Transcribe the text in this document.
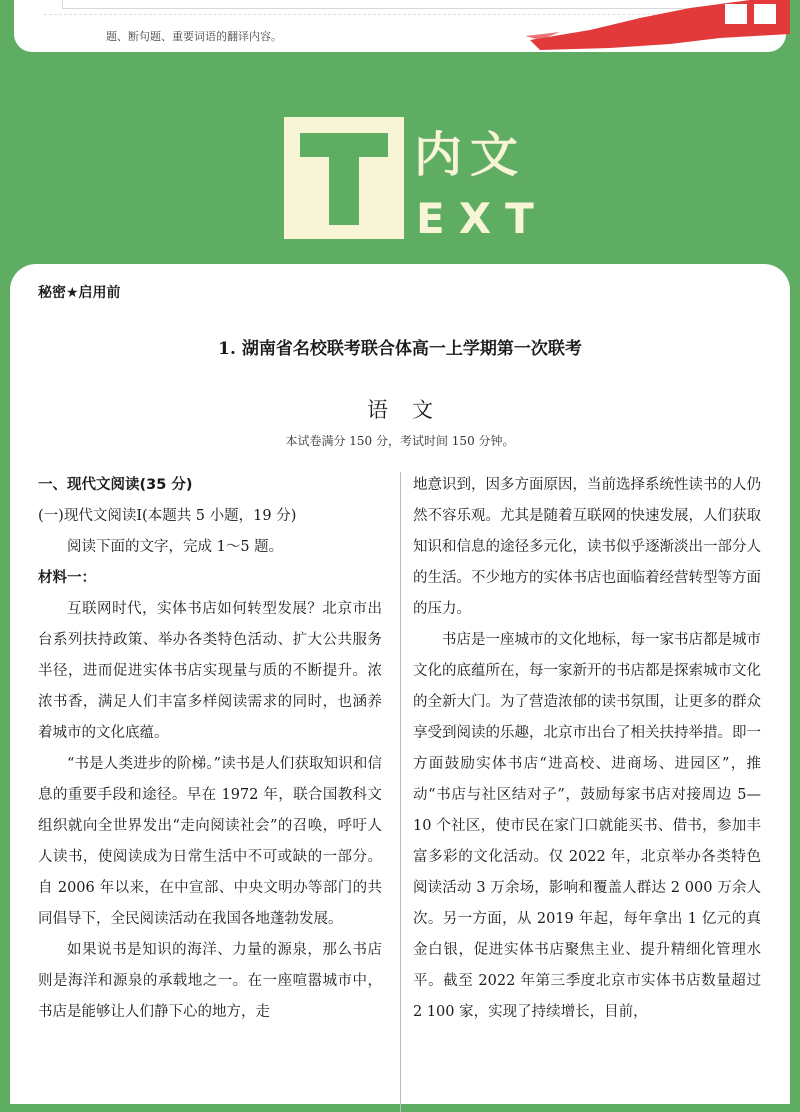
题、断句题、重要词语的翻译内容。
内文
EXT
秘密★启用前
1. 湖南省名校联考联合体高一上学期第一次联考
语文
本试卷满分 150 分，考试时间 150 分钟。

一、现代文阅读(35 分)

(一)现代文阅读Ⅰ(本题共 5 小题，19 分)

阅读下面的文字，完成 1～5 题。

材料一：

互联网时代，实体书店如何转型发展？北京市出台系列扶持政策、举办各类特色活动、扩大公共服务半径，进而促进实体书店实现量与质的不断提升。浓浓书香，满足人们丰富多样阅读需求的同时，也涵养着城市的文化底蕴。

“书是人类进步的阶梯。”读书是人们获取知识和信息的重要手段和途径。早在 1972 年，联合国教科文组织就向全世界发出“走向阅读社会”的召唤，呼吁人人读书，使阅读成为日常生活中不可或缺的一部分。自 2006 年以来，在中宣部、中央文明办等部门的共同倡导下，全民阅读活动在我国各地蓬勃发展。

如果说书是知识的海洋、力量的源泉，那么书店则是海洋和源泉的承载地之一。在一座喧嚣城市中，书店是能够让人们静下心的地方，走

地意识到，因多方面原因，当前选择系统性读书的人仍然不容乐观。尤其是随着互联网的快速发展，人们获取知识和信息的途径多元化，读书似乎逐渐淡出一部分人的生活。不少地方的实体书店也面临着经营转型等方面的压力。

书店是一座城市的文化地标，每一家书店都是城市文化的底蕴所在，每一家新开的书店都是探索城市文化的全新大门。为了营造浓郁的读书氛围，让更多的群众享受到阅读的乐趣，北京市出台了相关扶持举措。即一方面鼓励实体书店“进高校、进商场、进园区”，推动“书店与社区结对子”，鼓励每家书店对接周边 5—10 个社区，使市民在家门口就能买书、借书，参加丰富多彩的文化活动。仅 2022 年，北京举办各类特色阅读活动 3 万余场，影响和覆盖人群达 2 000 万余人次。另一方面，从 2019 年起，每年拿出 1 亿元的真金白银，促进实体书店聚焦主业、提升精细化管理水平。截至 2022 年第三季度北京市实体书店数量超过 2 100 家，实现了持续增长，目前，
